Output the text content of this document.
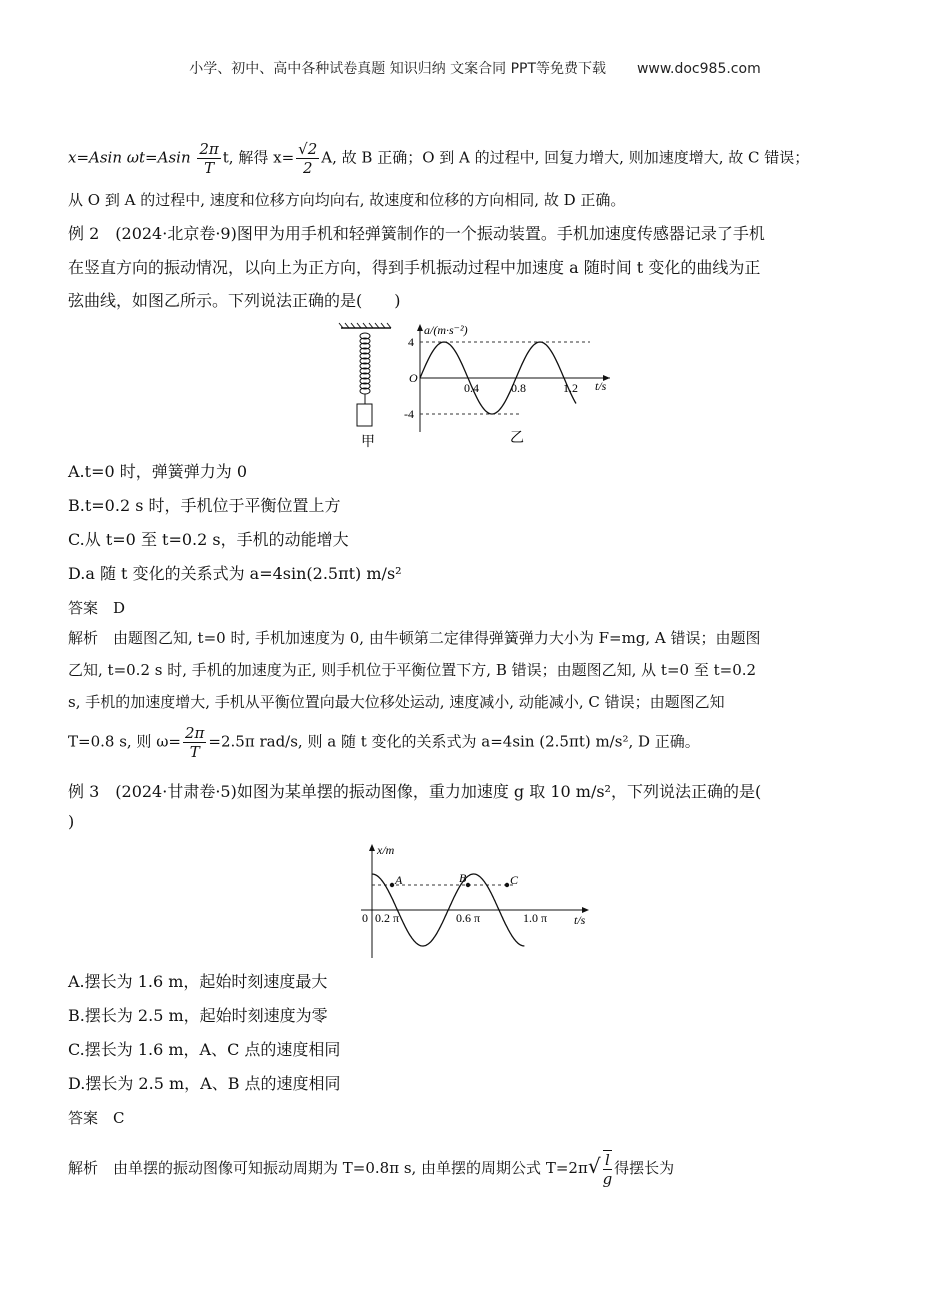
小学、初中、高中各种试卷真题 知识归纳 文案合同 PPT等免费下载 www.doc985.com
x=Asin $\omega t=Asin \frac{2\pi}{T} t$, 解得 $x= \frac{√2}{2} A$, 故 B 正确；O 到 A 的过程中, 回复力增大, 则加速度增大, 故 C 错误；
从 O 到 A 的过程中, 速度和位移方向均向右, 故速度和位移的方向相同, 故 D 正确。
例 2　(2024·北京卷·9)图甲为用手机和轻弹簧制作的一个振动装置。手机加速度传感器记录了手机
在竖直方向的振动情况，以向上为正方向，得到手机振动过程中加速度 a 随时间 t 变化的曲线为正
弦曲线，如图乙所示。下列说法正确的是(　　)
甲
a/(m·s⁻²)
4
-4
O
0.4	0.8	1.2 t/s
乙
A.t=0 时，弹簧弹力为 0
B.t=0.2 s 时，手机位于平衡位置上方
C.从 t=0 至 t=0.2 s，手机的动能增大
D.a 随 t 变化的关系式为 a=4sin(2.5πt) m/s²
答案　D
解析　由题图乙知, t=0 时, 手机加速度为 0, 由牛顿第二定律得弹簧弹力大小为 F=mg, A 错误；由题图
乙知, t=0.2 s 时, 手机的加速度为正, 则手机位于平衡位置下方, B 错误；由题图乙知, 从 t=0 至 t=0.2
s, 手机的加速度增大, 手机从平衡位置向最大位移处运动, 速度减小, 动能减小, C 错误；由题图乙知
T=0.8 s, 则 $\omega= \frac{2\pi}{T} =2.5\pi$ rad/s, 则 a 随 t 变化的关系式为 a=4sin (2.5πt) m/s², D 正确。
例 3　(2024·甘肃卷·5)如图为某单摆的振动图像，重力加速度 g 取 10 m/s²，下列说法正确的是(
)
x/m
A	B	C
0 0.2 π	0.6 π	1.0 π t/s
A.摆长为 1.6 m，起始时刻速度最大
B.摆长为 2.5 m，起始时刻速度为零
C.摆长为 1.6 m，A、C 点的速度相同
D.摆长为 2.5 m，A、B 点的速度相同
答案　C
解析　由单摆的振动图像可知振动周期为 T=0.8π s, 由单摆的周期公式 $T=2\pi√ \frac{l}{g}$ 得摆长为
